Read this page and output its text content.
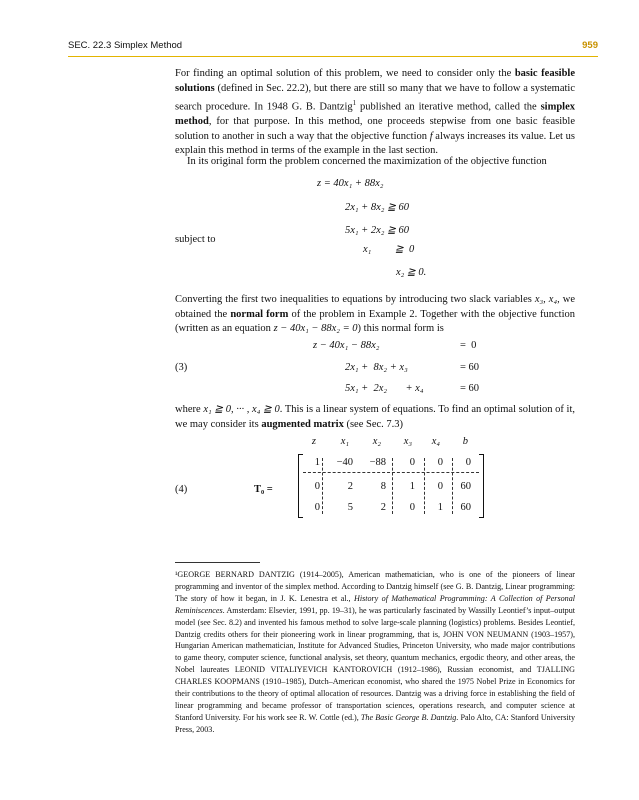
SEC. 22.3 Simplex Method	959
For finding an optimal solution of this problem, we need to consider only the basic feasible solutions (defined in Sec. 22.2), but there are still so many that we have to follow a systematic search procedure. In 1948 G. B. Dantzig$^1$ published an iterative method, called the simplex method, for that purpose. In this method, one proceeds stepwise from one basic feasible solution to another in such a way that the objective function f always increases its value. Let us explain this method in terms of the example in the last section.
In its original form the problem concerned the maximization of the objective function
z = 40x₁ + 88x₂
2x₁ + 8x₂ ≧ 60
5x₁ + 2x₂ ≧ 60
subject to
x₁         ≧  0
x₂ ≧ 0.
Converting the first two inequalities to equations by introducing two slack variables x₃, x₄, we obtained the normal form of the problem in Example 2. Together with the objective function (written as an equation z − 40x₁ − 88x₂ = 0) this normal form is
(3)
z − 40x₁ − 88x₂	=  0
2x₁ +  8x₂ + x₃	= 60
5x₁ +  2x₂       + x₄	= 60
where x₁ ≧ 0, ··· , x₄ ≧ 0. This is a linear system of equations. To find an optimal solution of it, we may consider its augmented matrix (see Sec. 7.3)
z	x₁	x₂	x₃	x₄	b
(4)	T₀ =
1	−40	−88	0	0	0
0	2	8	1	0	60
0	5	2	0	1	60
¹GEORGE BERNARD DANTZIG (1914–2005), American mathematician, who is one of the pioneers of linear programming and inventor of the simplex method. According to Dantzig himself (see G. B. Dantzig, Linear programming: The story of how it began, in J. K. Lenestra et al., History of Mathematical Programming: A Collection of Personal Reminiscences. Amsterdam: Elsevier, 1991, pp. 19–31), he was particularly fascinated by Wassilly Leontief’s input–output model (see Sec. 8.2) and invented his famous method to solve large-scale planning (logistics) problems. Besides Leontief, Dantzig credits others for their pioneering work in linear programming, that is, JOHN VON NEUMANN (1903–1957), Hungarian American mathematician, Institute for Advanced Studies, Princeton University, who made major contributions to game theory, computer science, functional analysis, set theory, quantum mechanics, ergodic theory, and other areas, the Nobel laureates LEONID VITALIYEVICH KANTOROVICH (1912–1986), Russian economist, and TJALLING CHARLES KOOPMANS (1910–1985), Dutch–American economist, who shared the 1975 Nobel Prize in Economics for their contributions to the theory of optimal allocation of resources. Dantzig was a driving force in establishing the field of linear programming and became professor of transportation sciences, operations research, and computer science at Stanford University. For his work see R. W. Cottle (ed.), The Basic George B. Dantzig. Palo Alto, CA: Stanford University Press, 2003.
